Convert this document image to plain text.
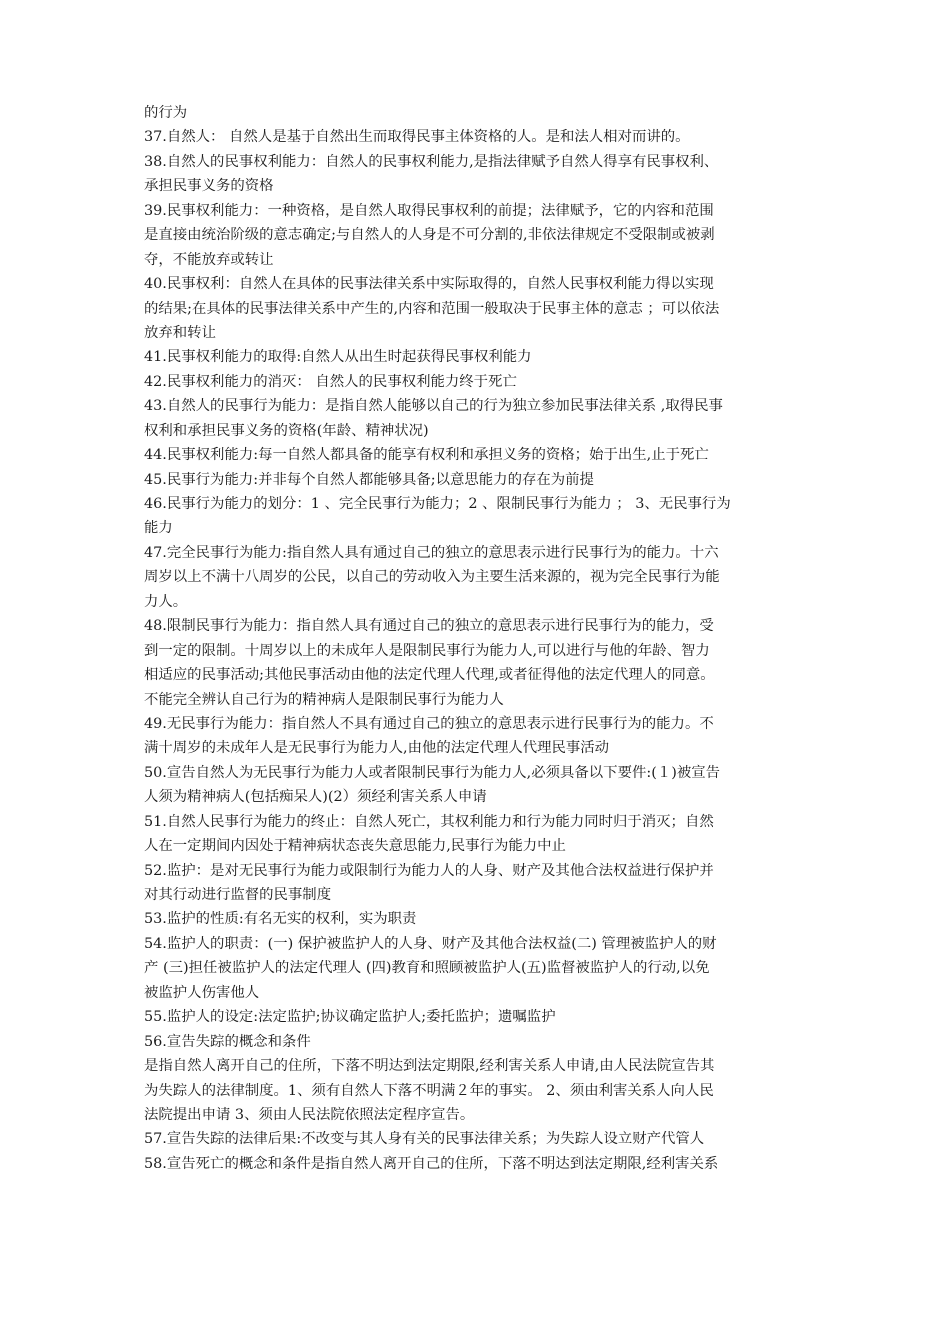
的行为
37.自然人： 自然人是基于自然出生而取得民事主体资格的人。是和法人相对而讲的。
38.自然人的民事权利能力：自然人的民事权利能力,是指法律赋予自然人得享有民事权利、
承担民事义务的资格
39.民事权利能力：一种资格，是自然人取得民事权利的前提；法律赋予，它的内容和范围
是直接由统治阶级的意志确定;与自然人的人身是不可分割的,非依法律规定不受限制或被剥
夺，不能放弃或转让
40.民事权利：自然人在具体的民事法律关系中实际取得的，自然人民事权利能力得以实现
的结果;在具体的民事法律关系中产生的,内容和范围一般取决于民事主体的意志 ；可以依法
放弃和转让
41.民事权利能力的取得:自然人从出生时起获得民事权利能力
42.民事权利能力的消灭： 自然人的民事权利能力终于死亡
43.自然人的民事行为能力：是指自然人能够以自己的行为独立参加民事法律关系 ,取得民事
权利和承担民事义务的资格(年龄、精神状况)
44.民事权利能力:每一自然人都具备的能享有权利和承担义务的资格；始于出生,止于死亡
45.民事行为能力:并非每个自然人都能够具备;以意思能力的存在为前提
46.民事行为能力的划分：1 、完全民事行为能力；2 、限制民事行为能力 ； 3、无民事行为
能力
47.完全民事行为能力:指自然人具有通过自己的独立的意思表示进行民事行为的能力。十六
周岁以上不满十八周岁的公民，以自己的劳动收入为主要生活来源的，视为完全民事行为能
力人。
48.限制民事行为能力：指自然人具有通过自己的独立的意思表示进行民事行为的能力，受
到一定的限制。十周岁以上的未成年人是限制民事行为能力人,可以进行与他的年龄、智力
相适应的民事活动;其他民事活动由他的法定代理人代理,或者征得他的法定代理人的同意。
不能完全辨认自己行为的精神病人是限制民事行为能力人
49.无民事行为能力：指自然人不具有通过自己的独立的意思表示进行民事行为的能力。不
满十周岁的未成年人是无民事行为能力人,由他的法定代理人代理民事活动
50.宣告自然人为无民事行为能力人或者限制民事行为能力人,必须具备以下要件:(１)被宣告
人须为精神病人(包括痴呆人)(2）须经利害关系人申请
51.自然人民事行为能力的终止：自然人死亡，其权利能力和行为能力同时归于消灭；自然
人在一定期间内因处于精神病状态丧失意思能力,民事行为能力中止
52.监护：是对无民事行为能力或限制行为能力人的人身、财产及其他合法权益进行保护并
对其行动进行监督的民事制度
53.监护的性质:有名无实的权利，实为职责
54.监护人的职责：(一) 保护被监护人的人身、财产及其他合法权益(二) 管理被监护人的财
产 (三)担任被监护人的法定代理人 (四)教育和照顾被监护人(五)监督被监护人的行动,以免
被监护人伤害他人
55.监护人的设定:法定监护;协议确定监护人;委托监护；遗嘱监护
56.宣告失踪的概念和条件
是指自然人离开自己的住所，下落不明达到法定期限,经利害关系人申请,由人民法院宣告其
为失踪人的法律制度。1、须有自然人下落不明满２年的事实。 2、须由利害关系人向人民
法院提出申请 3、须由人民法院依照法定程序宣告。
57.宣告失踪的法律后果:不改变与其人身有关的民事法律关系；为失踪人设立财产代管人
58.宣告死亡的概念和条件是指自然人离开自己的住所，下落不明达到法定期限,经利害关系
